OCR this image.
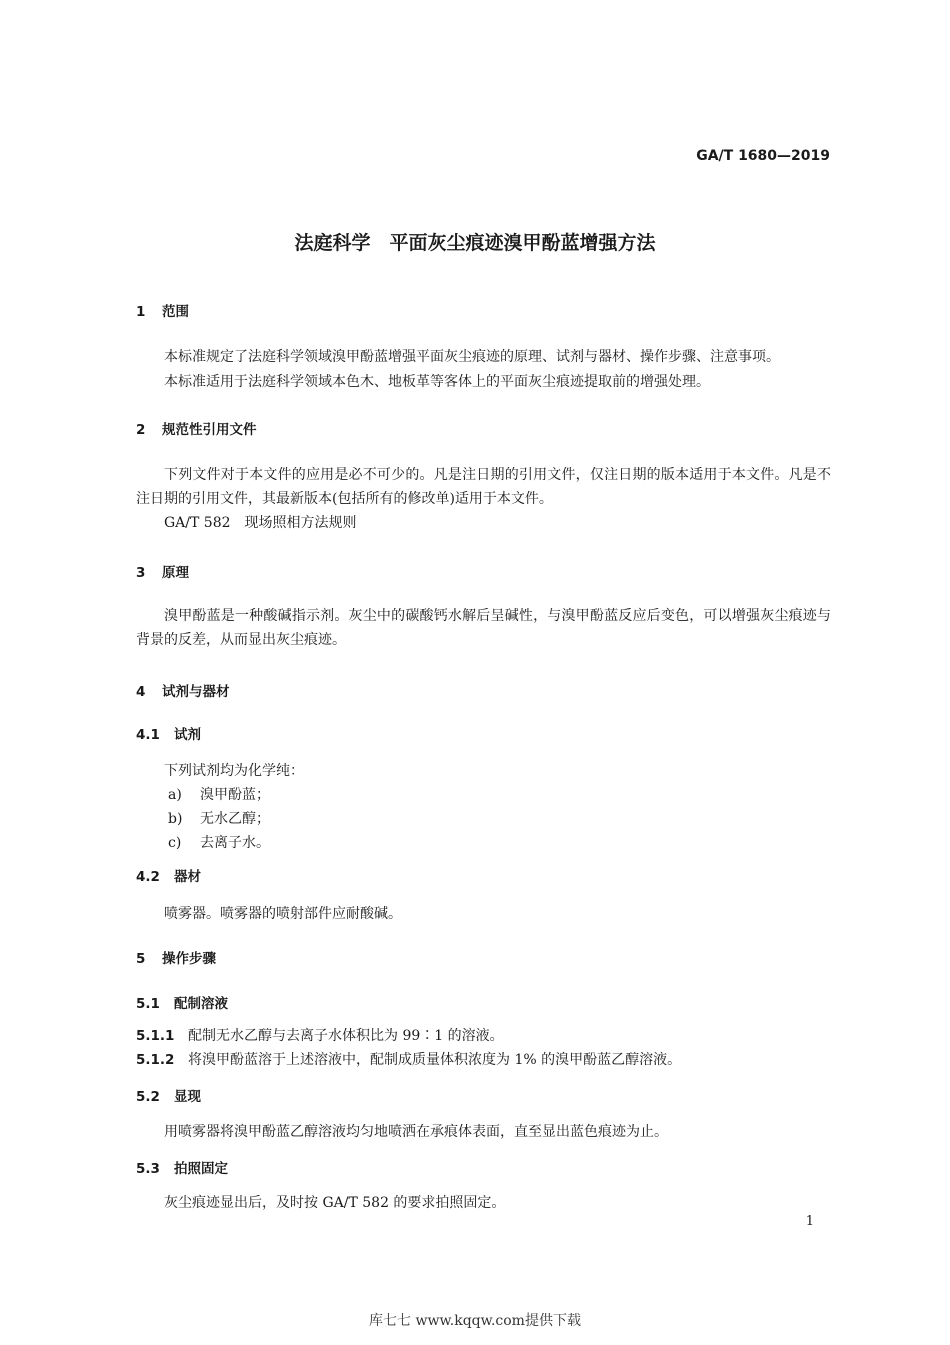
GA/T 1680—2019
法庭科学　平面灰尘痕迹溴甲酚蓝增强方法
1 范围
本标准规定了法庭科学领域溴甲酚蓝增强平面灰尘痕迹的原理、试剂与器材、操作步骤、注意事项。
本标准适用于法庭科学领域本色木、地板革等客体上的平面灰尘痕迹提取前的增强处理。
2 规范性引用文件
下列文件对于本文件的应用是必不可少的。凡是注日期的引用文件，仅注日期的版本适用于本文件。凡是不注日期的引用文件，其最新版本(包括所有的修改单)适用于本文件。
GA/T 582　现场照相方法规则
3 原理
溴甲酚蓝是一种酸碱指示剂。灰尘中的碳酸钙水解后呈碱性，与溴甲酚蓝反应后变色，可以增强灰尘痕迹与背景的反差，从而显出灰尘痕迹。
4 试剂与器材
4.1 试剂
下列试剂均为化学纯：
a) 溴甲酚蓝；
b) 无水乙醇；
c) 去离子水。
4.2 器材
喷雾器。喷雾器的喷射部件应耐酸碱。
5 操作步骤
5.1 配制溶液
5.1.1 配制无水乙醇与去离子水体积比为 99∶1 的溶液。
5.1.2 将溴甲酚蓝溶于上述溶液中，配制成质量体积浓度为 1% 的溴甲酚蓝乙醇溶液。
5.2 显现
用喷雾器将溴甲酚蓝乙醇溶液均匀地喷洒在承痕体表面，直至显出蓝色痕迹为止。
5.3 拍照固定
灰尘痕迹显出后，及时按 GA/T 582 的要求拍照固定。
1
库七七 www.kqqw.com提供下载
